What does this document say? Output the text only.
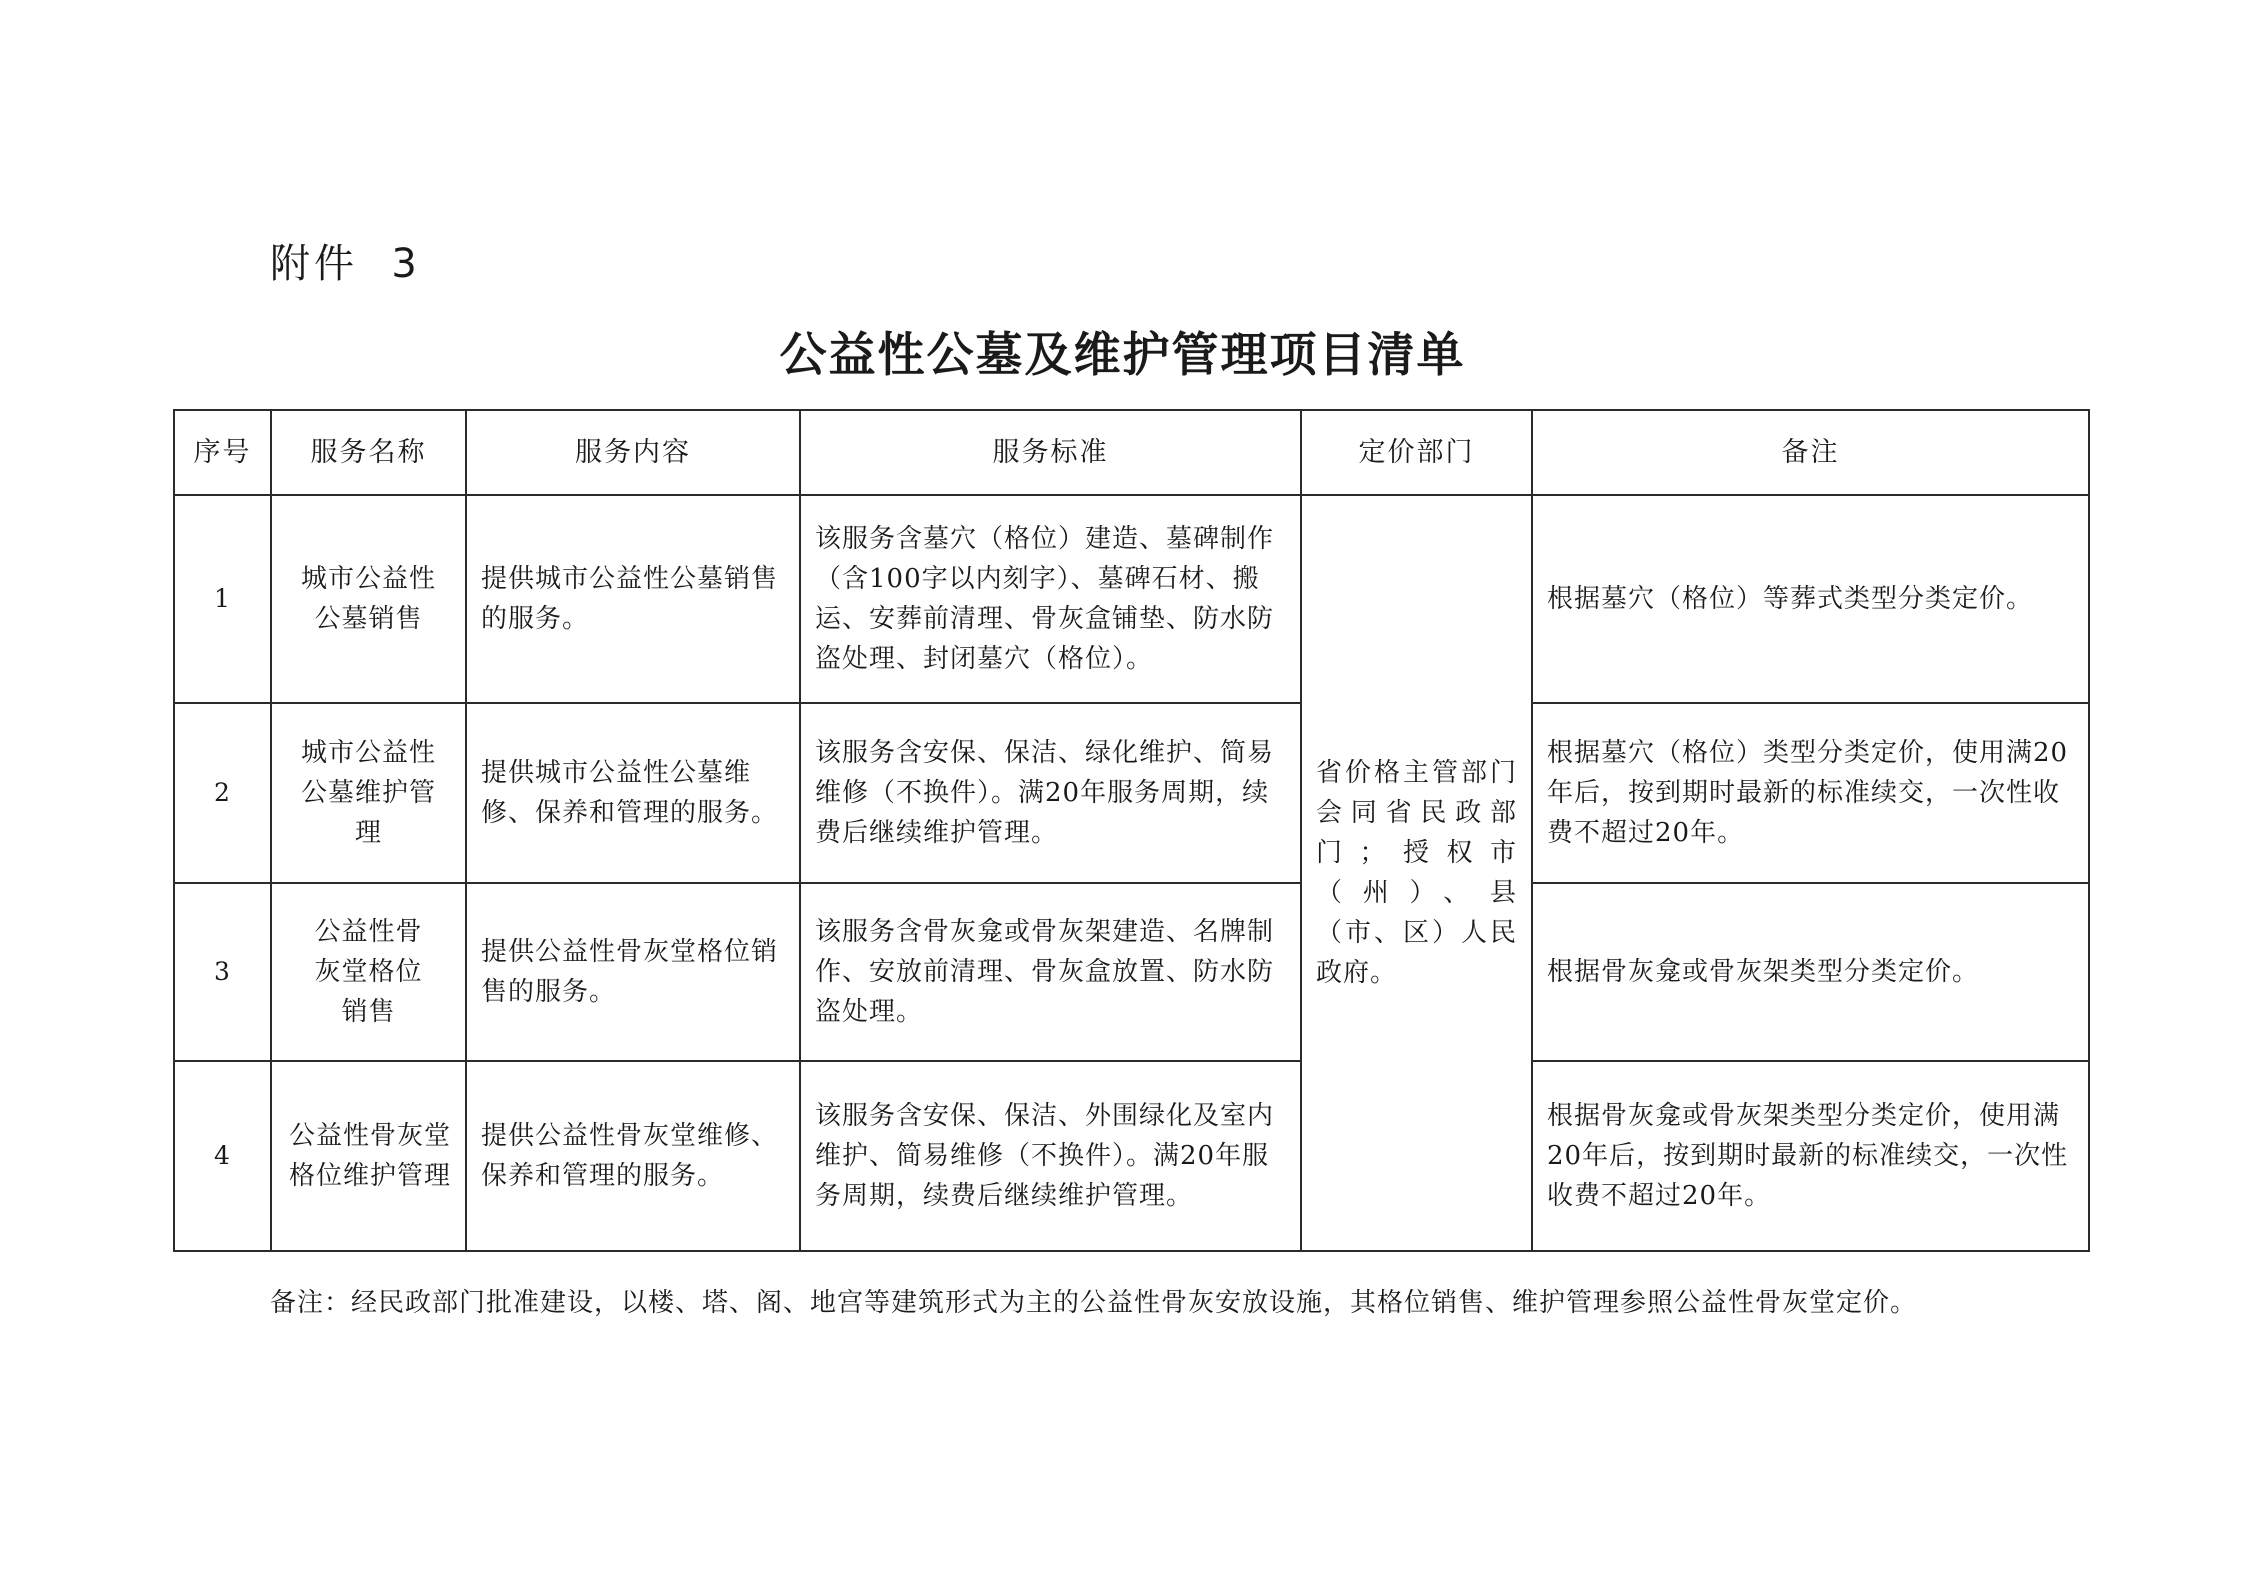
附件  3
公益性公墓及维护管理项目清单
序号	服务名称	服务内容	服务标准	定价部门	备注
1	城市公益性公墓销售	提供城市公益性公墓销售的服务。	该服务含墓穴（格位）建造、墓碑制作（含100字以内刻字）、墓碑石材、搬运、安葬前清理、骨灰盒铺垫、防水防盗处理、封闭墓穴（格位）。	省价格主管部门会同省民政部门；授权市（州）、县（市、区）人民政府。	根据墓穴（格位）等葬式类型分类定价。
2	城市公益性公墓维护管理	提供城市公益性公墓维修、保养和管理的服务。	该服务含安保、保洁、绿化维护、简易维修（不换件）。满20年服务周期，续费后继续维护管理。		根据墓穴（格位）类型分类定价，使用满20年后，按到期时最新的标准续交，一次性收费不超过20年。
3	公益性骨灰堂格位销售	提供公益性骨灰堂格位销售的服务。	该服务含骨灰龛或骨灰架建造、名牌制作、安放前清理、骨灰盒放置、防水防盗处理。		根据骨灰龛或骨灰架类型分类定价。
4	公益性骨灰堂格位维护管理	提供公益性骨灰堂维修、保养和管理的服务。	该服务含安保、保洁、外围绿化及室内维护、简易维修（不换件）。满20年服务周期，续费后继续维护管理。		根据骨灰龛或骨灰架类型分类定价，使用满20年后，按到期时最新的标准续交，一次性收费不超过20年。
备注：经民政部门批准建设，以楼、塔、阁、地宫等建筑形式为主的公益性骨灰安放设施，其格位销售、维护管理参照公益性骨灰堂定价。
